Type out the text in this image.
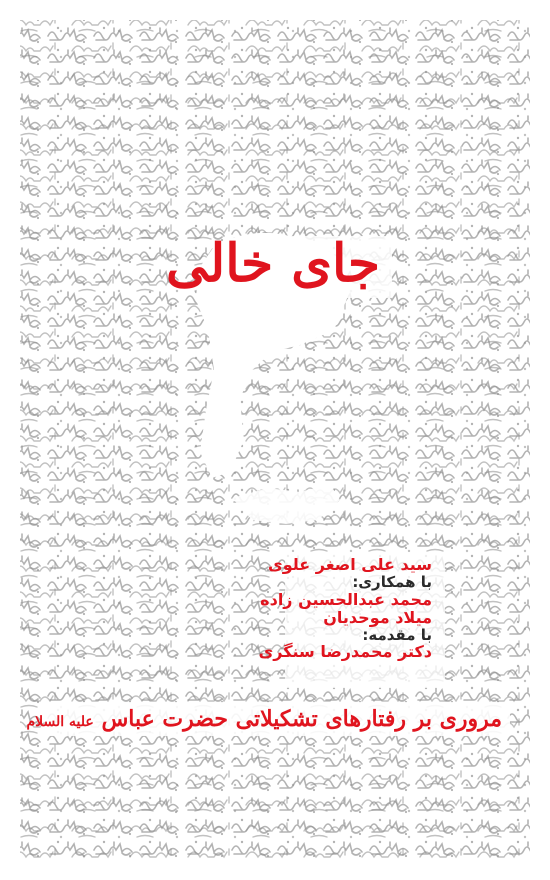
جای خالی
سید علی اصغر علوی
با همکاری:
محمد عبدالحسین زاده
میلاد موحدیان
با مقدمه:
دکتر محمدرضا سنگری
مروری بر رفتارهای تشکیلاتی حضرت عباس علیه السلام
